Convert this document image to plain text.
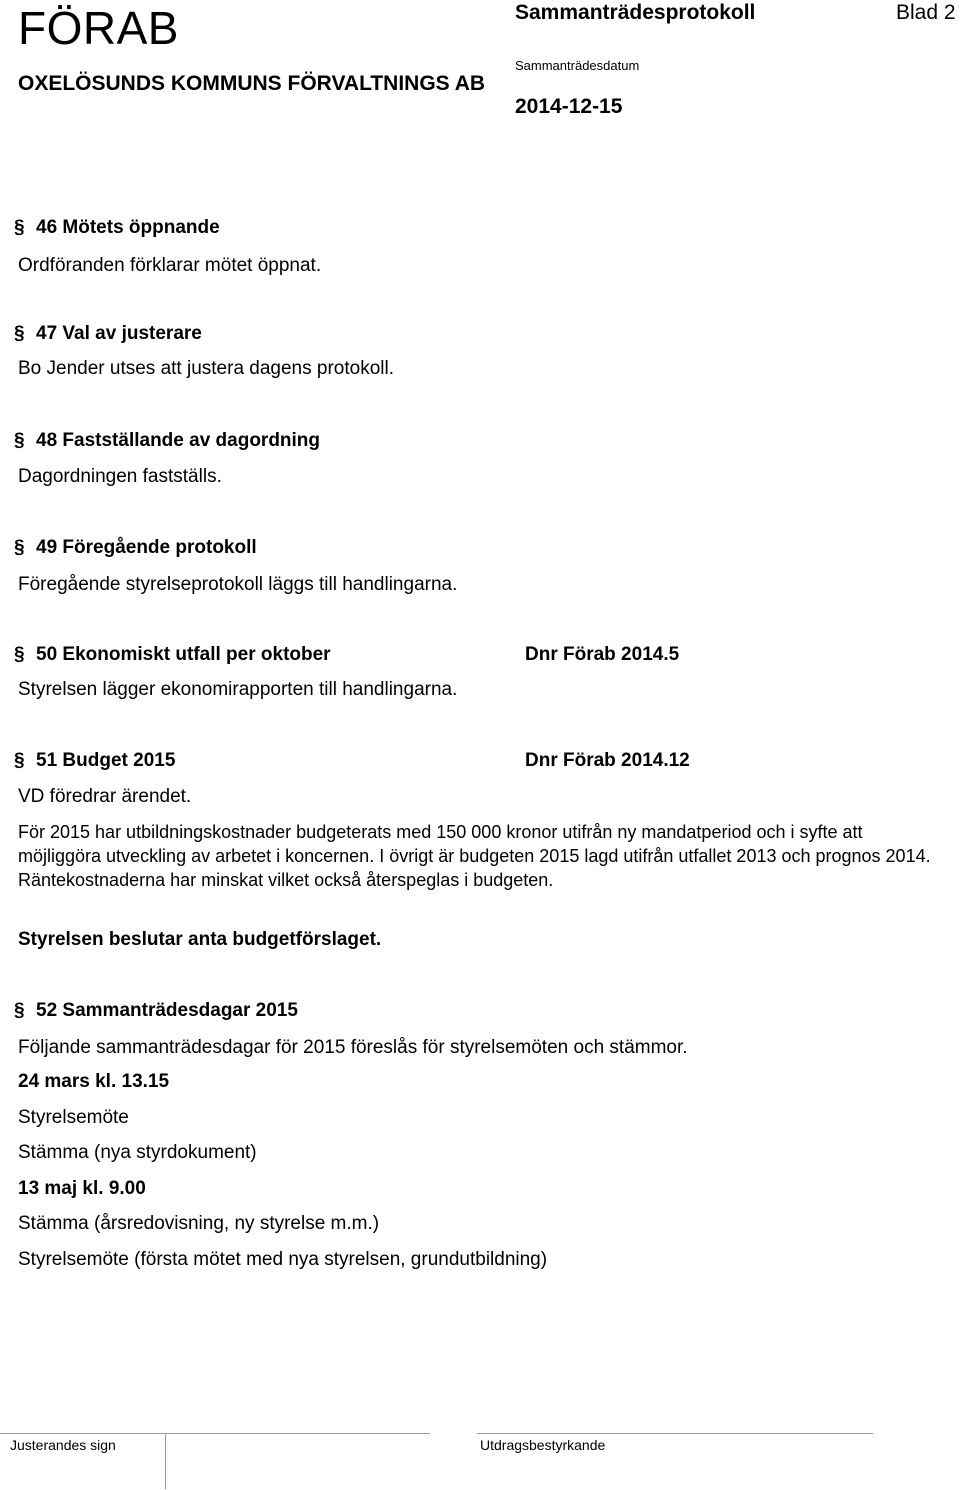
FÖRAB
OXELÖSUNDS KOMMUNS FÖRVALTNINGS AB
Sammanträdesprotokoll	Blad 2
Sammanträdesdatum
2014-12-15
§ 46 Mötets öppnande
Ordföranden förklarar mötet öppnat.
§ 47 Val av justerare
Bo Jender utses att justera dagens protokoll.
§ 48 Fastställande av dagordning
Dagordningen fastställs.
§ 49 Föregående protokoll
Föregående styrelseprotokoll läggs till handlingarna.
§ 50 Ekonomiskt utfall per oktober	Dnr Förab 2014.5
Styrelsen lägger ekonomirapporten till handlingarna.
§ 51 Budget 2015	Dnr Förab 2014.12
VD föredrar ärendet.
För 2015 har utbildningskostnader budgeterats med 150 000 kronor utifrån ny mandatperiod och i syfte att möjliggöra utveckling av arbetet i koncernen. I övrigt är budgeten 2015 lagd utifrån utfallet 2013 och prognos 2014. Räntekostnaderna har minskat vilket också återspeglas i budgeten.
Styrelsen beslutar anta budgetförslaget.
§ 52 Sammanträdesdagar 2015
Följande sammanträdesdagar för 2015 föreslås för styrelsemöten och stämmor.
24 mars kl. 13.15
Styrelsemöte
Stämma (nya styrdokument)
13 maj kl. 9.00
Stämma (årsredovisning, ny styrelse m.m.)
Styrelsemöte (första mötet med nya styrelsen, grundutbildning)
Justerandes sign	Utdragsbestyrkande
